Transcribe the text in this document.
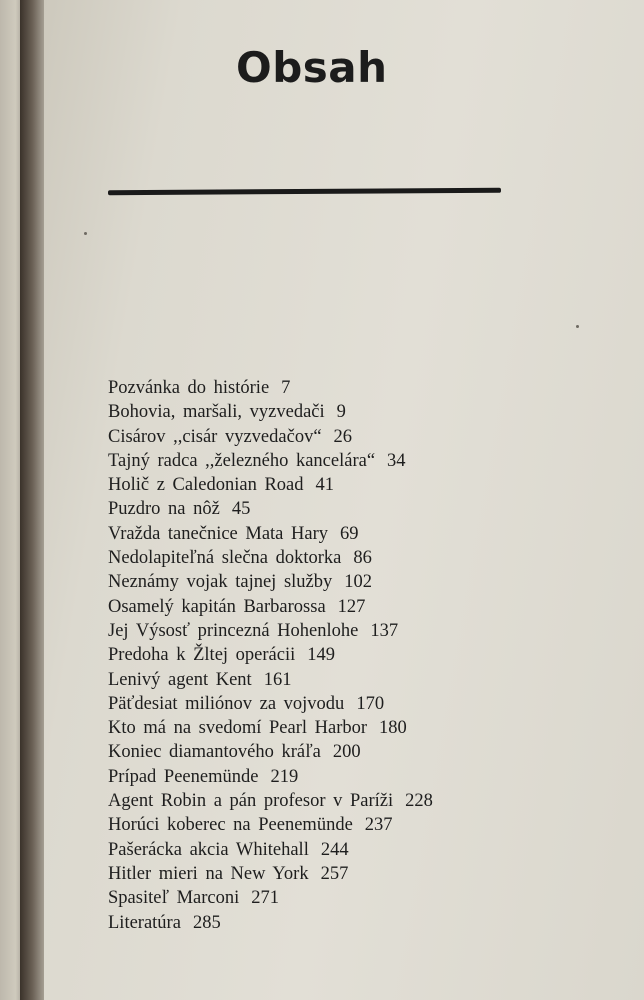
Obsah
Pozvánka do histórie 7
Bohovia, maršali, vyzvedači 9
Cisárov ,,cisár vyzvedačov“ 26
Tajný radca ,,železného kancelára“ 34
Holič z Caledonian Road 41
Puzdro na nôž 45
Vražda tanečnice Mata Hary 69
Nedolapiteľná slečna doktorka 86
Neznámy vojak tajnej služby 102
Osamelý kapitán Barbarossa 127
Jej Výsosť princezná Hohenlohe 137
Predoha k Žltej operácii 149
Lenivý agent Kent 161
Päťdesiat miliónov za vojvodu 170
Kto má na svedomí Pearl Harbor 180
Koniec diamantového kráľa 200
Prípad Peenemünde 219
Agent Robin a pán profesor v Paríži 228
Horúci koberec na Peenemünde 237
Pašerácka akcia Whitehall 244
Hitler mieri na New York 257
Spasiteľ Marconi 271
Literatúra 285
